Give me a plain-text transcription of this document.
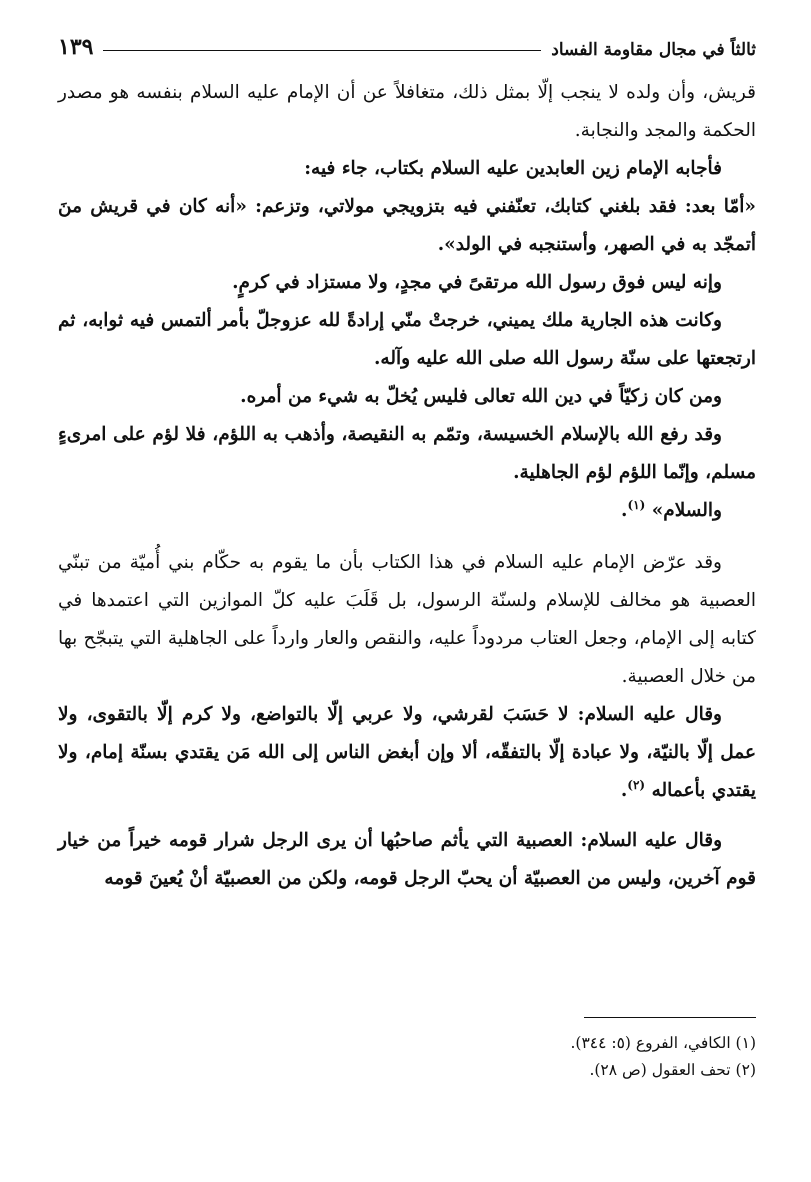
ثالثاً في مجال مقاومة الفساد
١٣٩

قريش، وأن ولده لا ينجب إلّا بمثل ذلك، متغافلاً عن أن الإمام عليه السلام بنفسه هو مصدر الحكمة والمجد والنجابة.

فأجابه الإمام زين العابدين عليه السلام بكتاب، جاء فيه:

«أمّا بعد: فقد بلغني كتابك، تعنّفني فيه بتزويجي مولاتي، وتزعم: «أنه كان في قريش منَ أتمجّد به في الصهر، وأستنجبه في الولد».

وإنه ليس فوق رسول الله مرتقىً في مجدٍ، ولا مستزاد في كرمٍ.

وكانت هذه الجارية ملك يميني، خرجتْ منّي إرادةً لله عزوجلّ بأمر ألتمس فيه ثوابه، ثم ارتجعتها على سنّة رسول الله صلى الله عليه وآله.

ومن كان زكيّاً في دين الله تعالى فليس يُخلّ به شيء من أمره.

وقد رفع الله بالإسلام الخسيسة، وتمّم به النقيصة، وأذهب به اللؤم، فلا لؤم على امرىءٍ مسلم، وإنّما اللؤم لؤم الجاهلية.

والسلام» $^{(١)}$.

وقد عرّض الإمام عليه السلام في هذا الكتاب بأن ما يقوم به حكّام بني أُميّة من تبنّي العصبية هو مخالف للإسلام ولسنّة الرسول، بل قَلَبَ عليه كلّ الموازين التي اعتمدها في كتابه إلى الإمام، وجعل العتاب مردوداً عليه، والنقص والعار وارداً على الجاهلية التي يتبجّح بها من خلال العصبية.

وقال عليه السلام: لا حَسَبَ لقرشي، ولا عربي إلّا بالتواضع، ولا كرم إلّا بالتقوى، ولا عمل إلّا بالنيّة، ولا عبادة إلّا بالتفقّه، ألا وإن أبغض الناس إلى الله مَن يقتدي بسنّة إمام، ولا يقتدي بأعماله $^{(٢)}$.

وقال عليه السلام: العصبية التي يأثم صاحبُها أن يرى الرجل شرار قومه خيراً من خيار قوم آخرين، وليس من العصبيّة أن يحبّ الرجل قومه، ولكن من العصبيّة أنْ يُعينَ قومه

(١) الكافي، الفروع (٥: ٣٤٤).
(٢) تحف العقول (ص ٢٨).
